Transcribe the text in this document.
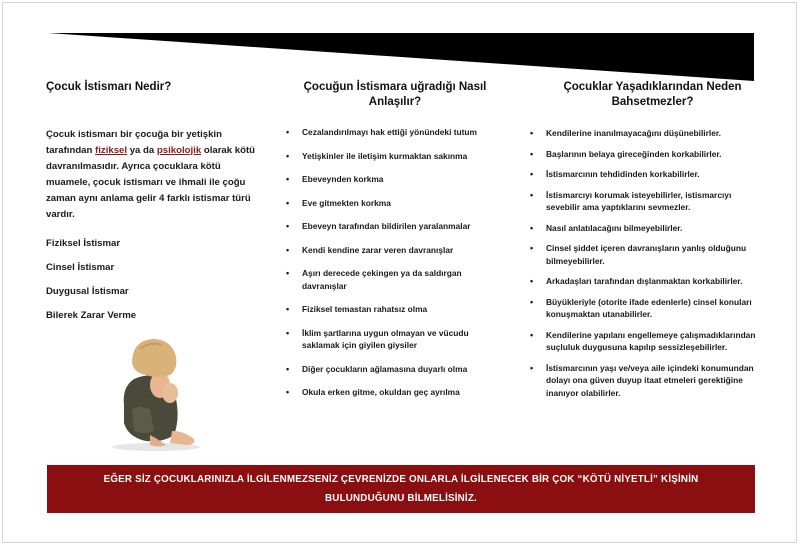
Çocuk İstismarı Nedir?
Çocuk istismarı bir çocuğa bir yetişkin tarafından fiziksel ya da psikolojik olarak kötü davranılmasıdır. Ayrıca çocuklara kötü muamele, çocuk istismarı ve ihmali ile çoğu zaman aynı anlama gelir 4 farklı istismar türü vardır.
Fiziksel İstismar
Cinsel İstismar
Duygusal İstismar
Bilerek Zarar Verme
Çocuğun İstismara uğradığı Nasıl Anlaşılır?
• Cezalandırılmayı hak ettiği yönündeki tutum
• Yetişkinler ile iletişim kurmaktan sakınma
• Ebeveynden korkma
• Eve gitmekten korkma
• Ebeveyn tarafından bildirilen yaralanmalar
• Kendi kendine zarar veren davranışlar
• Aşırı derecede çekingen ya da saldırgan davranışlar
• Fiziksel temastan rahatsız olma
• İklim şartlarına uygun olmayan ve vücudu saklamak için giyilen giysiler
• Diğer çocukların ağlamasına duyarlı olma
• Okula erken gitme, okuldan geç ayrılma
Çocuklar Yaşadıklarından Neden Bahsetmezler?
• Kendilerine inanılmayacağını düşünebilirler.
• Başlarının belaya gireceğinden korkabilirler.
• İstismarcının tehdidinden korkabilirler.
• İstismarcıyı korumak isteyebilirler, istismarcıyı sevebilir ama yaptıklarını sevmezler.
• Nasıl anlatılacağını bilmeyebilirler.
• Cinsel şiddet içeren davranışların yanlış olduğunu bilmeyebilirler.
• Arkadaşları tarafından dışlanmaktan korkabilirler.
• Büyükleriyle (otorite ifade edenlerle) cinsel konuları konuşmaktan utanabilirler.
• Kendilerine yapılanı engellemeye çalışmadıklarından suçluluk duygusuna kapılıp sessizleşebilirler.
• İstismarcının yaşı ve/veya aile içindeki konumundan dolayı ona güven duyup itaat etmeleri gerektiğine inanıyor olabilirler.
EĞER SİZ ÇOCUKLARINIZLA İLGİLENMEZSENİZ ÇEVRENİZDE ONLARLA İLGİLENECEK BİR ÇOK “KÖTÜ NİYETLİ” KİŞİNİN
BULUNDUĞUNU BİLMELİSİNİZ.
